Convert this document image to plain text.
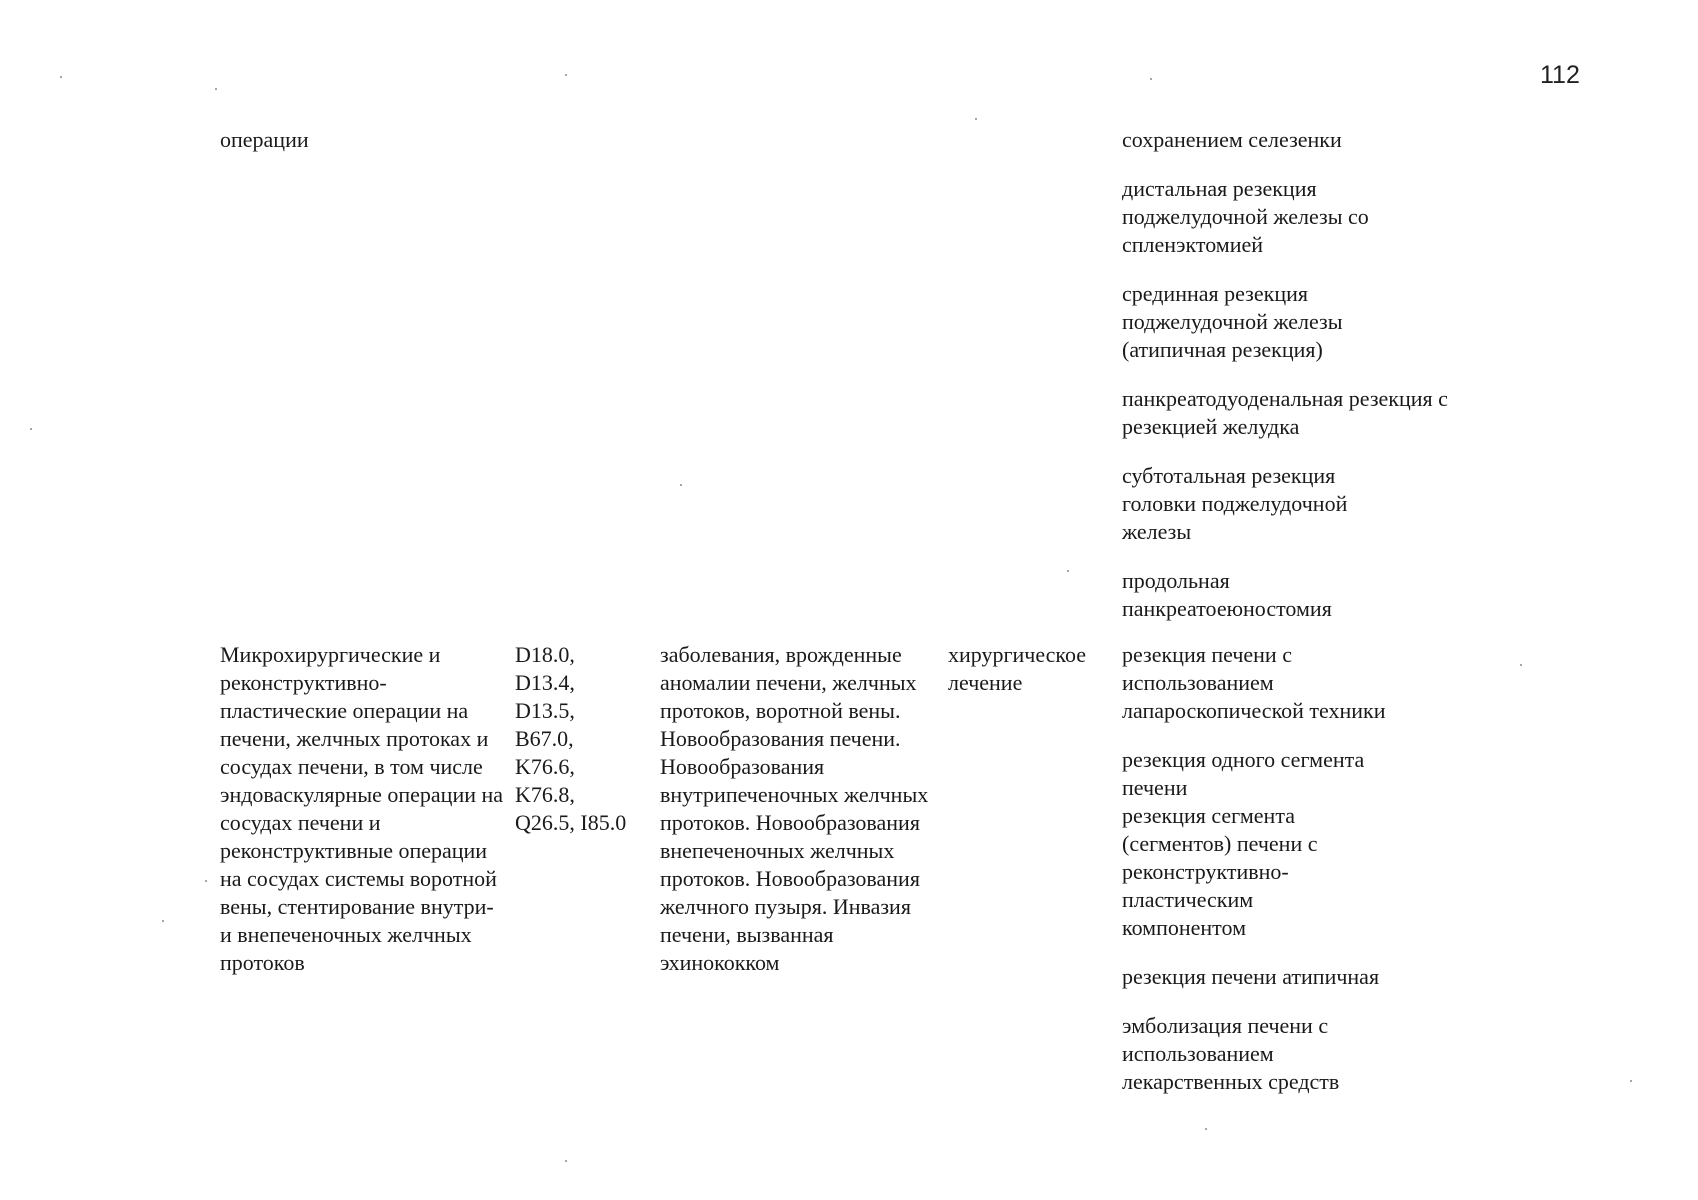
112
операции	сохранением селезенки
дистальная резекция поджелудочной железы со спленэктомией
срединная резекция поджелудочной железы (атипичная резекция)
панкреатодуоденальная резекция с резекцией желудка
субтотальная резекция головки поджелудочной железы
продольная панкреатоеюностомия
Микрохирургические и реконструктивно-пластические операции на печени, желчных протоках и сосудах печени, в том числе эндоваскулярные операции на сосудах печени и реконструктивные операции на сосудах системы воротной вены, стентирование внутри- и внепеченочных желчных протоков
D18.0,
D13.4,
D13.5,
B67.0,
K76.6,
K76.8,
Q26.5, I85.0
заболевания, врожденные аномалии печени, желчных протоков, воротной вены. Новообразования печени. Новообразования внутрипеченочных желчных протоков. Новообразования внепеченочных желчных протоков. Новообразования желчного пузыря. Инвазия печени, вызванная эхинококком
хирургическое лечение
резекция печени с использованием лапароскопической техники
резекция одного сегмента печени
резекция сегмента (сегментов) печени с реконструктивно-пластическим компонентом
резекция печени атипичная
эмболизация печени с использованием лекарственных средств
